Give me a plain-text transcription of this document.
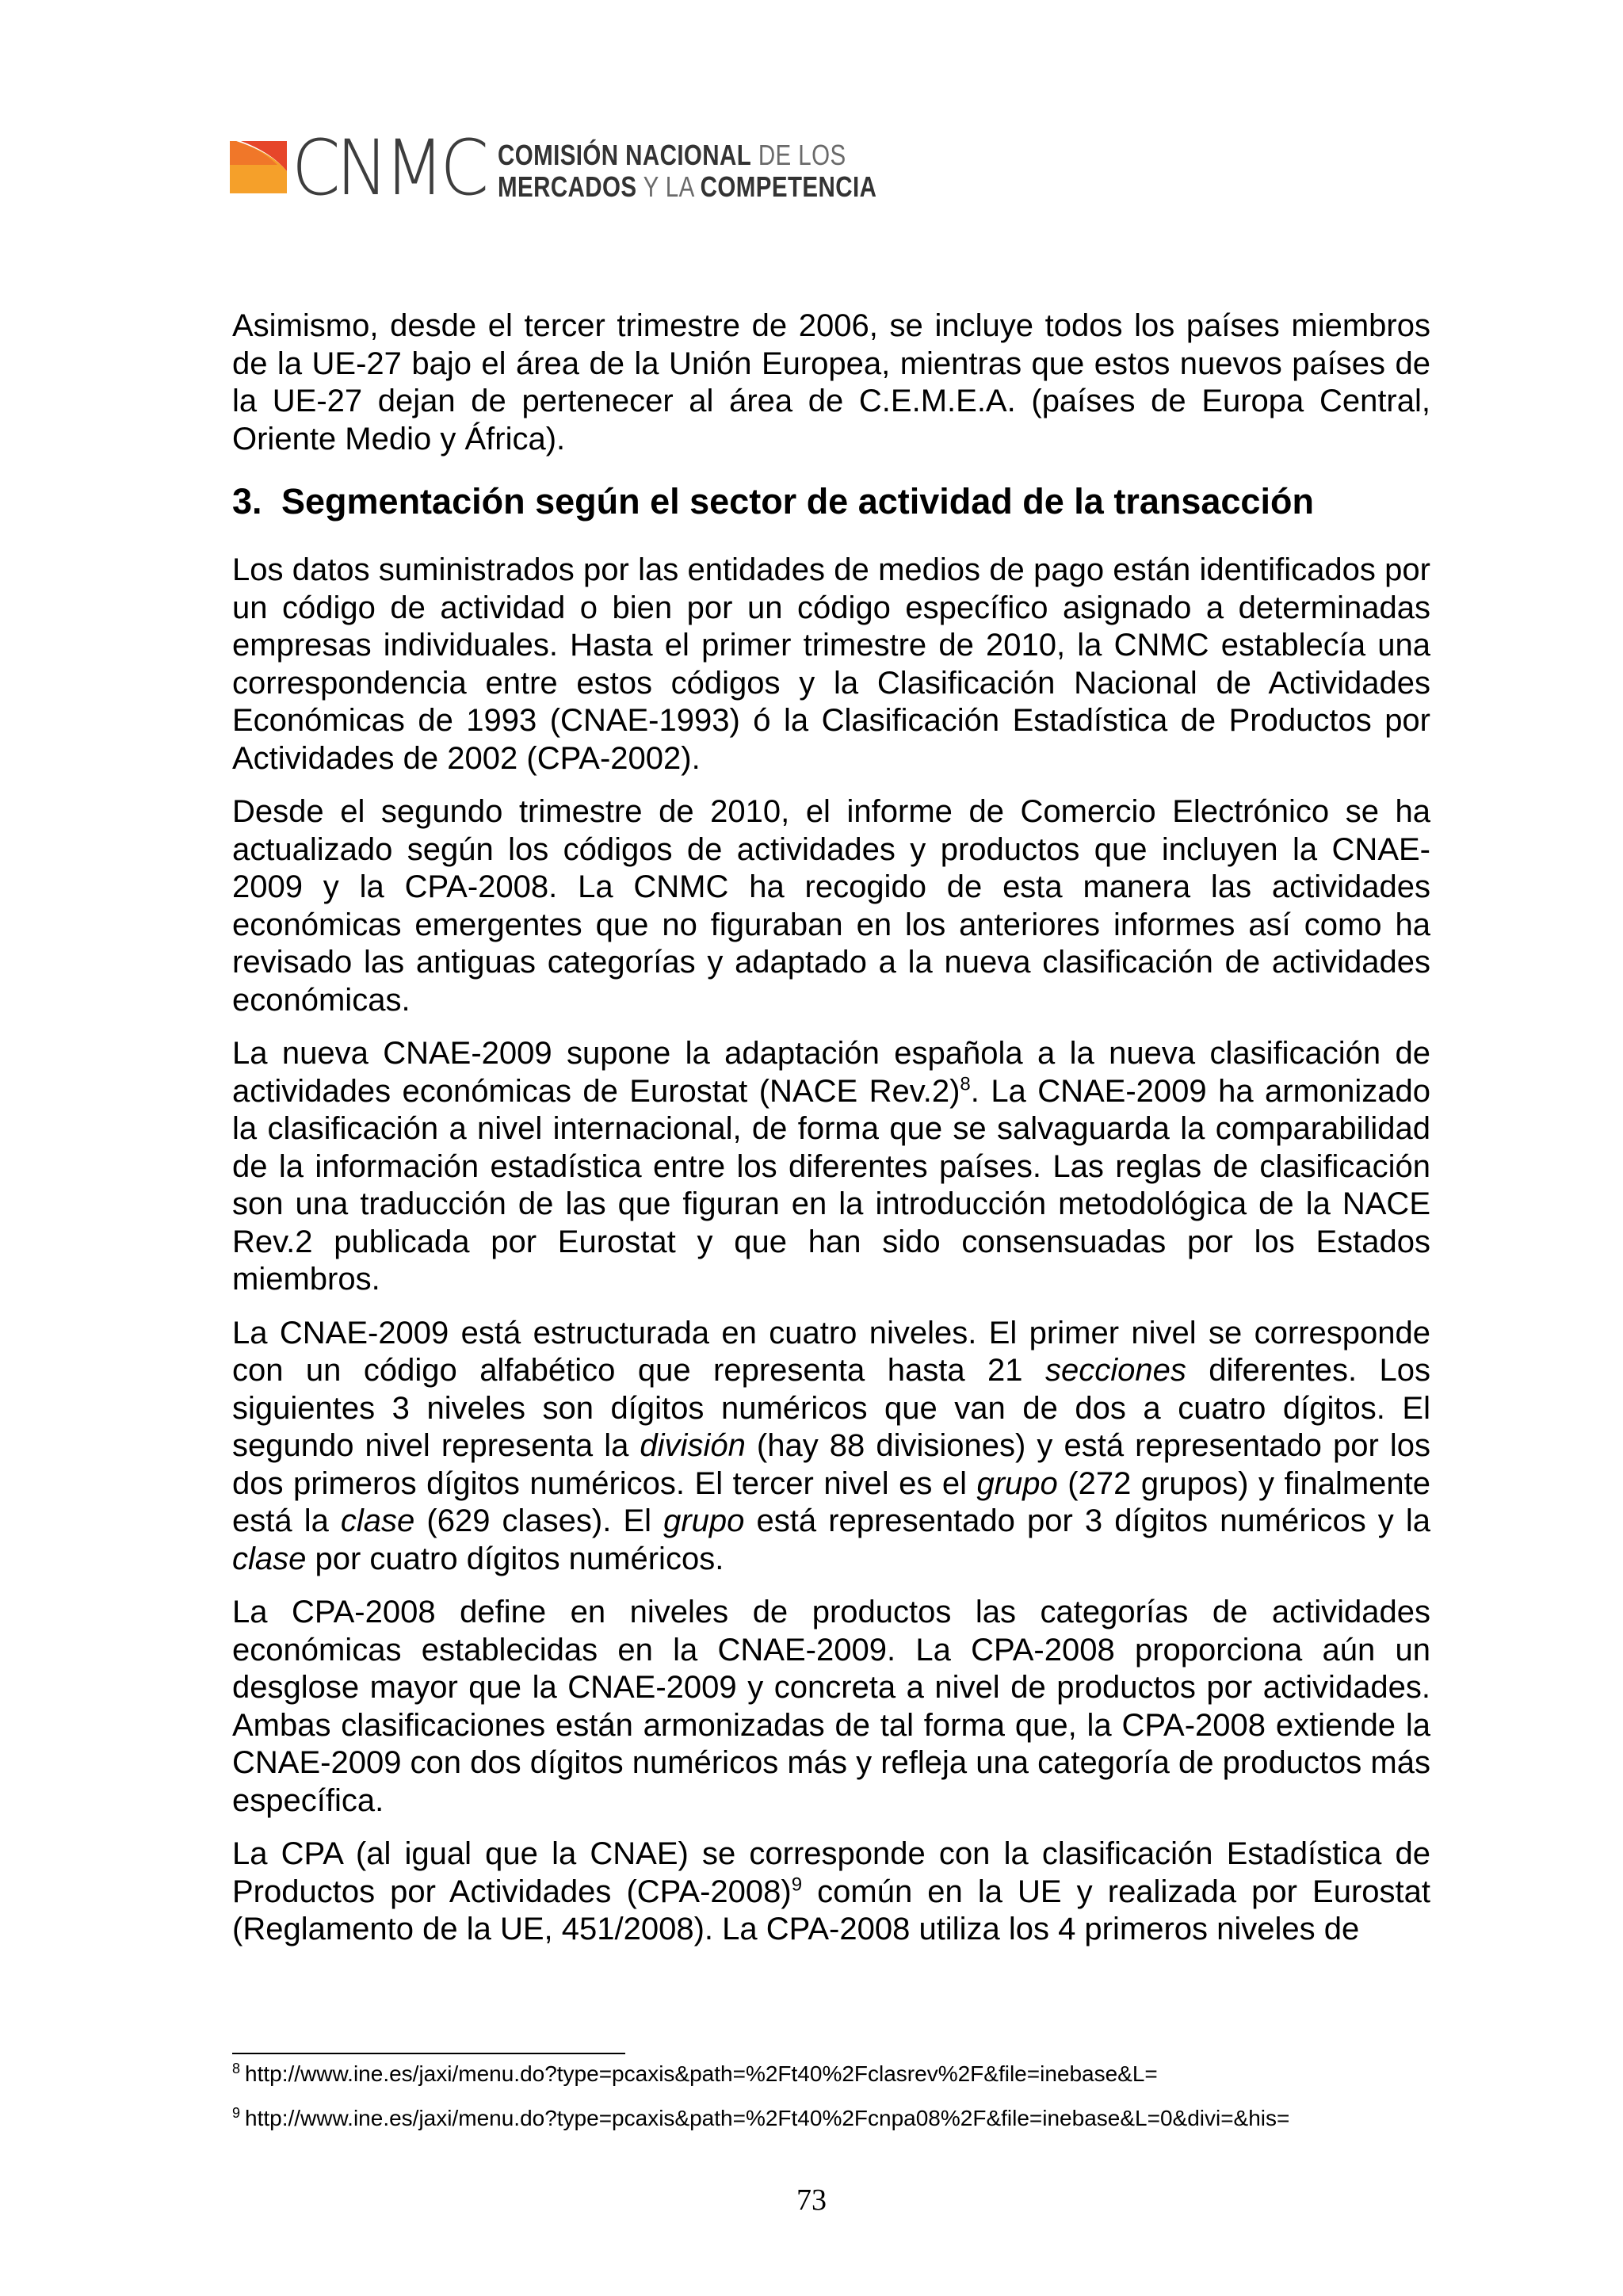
CNMC COMISIÓN NACIONAL DE LOS
MERCADOS Y LA COMPETENCIA

Asimismo, desde el tercer trimestre de 2006, se incluye todos los países miembros de la UE-27 bajo el área de la Unión Europea, mientras que estos nuevos países de la UE-27 dejan de pertenecer al área de C.E.M.E.A. (países de Europa Central, Oriente Medio y África).

3. Segmentación según el sector de actividad de la transacción

Los datos suministrados por las entidades de medios de pago están identificados por un código de actividad o bien por un código específico asignado a determinadas empresas individuales. Hasta el primer trimestre de 2010, la CNMC establecía una correspondencia entre estos códigos y la Clasificación Nacional de Actividades Económicas de 1993 (CNAE-1993) ó la Clasificación Estadística de Productos por Actividades de 2002 (CPA-2002).

Desde el segundo trimestre de 2010, el informe de Comercio Electrónico se ha actualizado según los códigos de actividades y productos que incluyen la CNAE-2009 y la CPA-2008. La CNMC ha recogido de esta manera las actividades económicas emergentes que no figuraban en los anteriores informes así como ha revisado las antiguas categorías y adaptado a la nueva clasificación de actividades económicas.

La nueva CNAE-2009 supone la adaptación española a la nueva clasificación de actividades económicas de Eurostat (NACE Rev.2)$^8$. La CNAE-2009 ha armonizado la clasificación a nivel internacional, de forma que se salvaguarda la comparabilidad de la información estadística entre los diferentes países. Las reglas de clasificación son una traducción de las que figuran en la introducción metodológica de la NACE Rev.2 publicada por Eurostat y que han sido consensuadas por los Estados miembros.

La CNAE-2009 está estructurada en cuatro niveles. El primer nivel se corresponde con un código alfabético que representa hasta 21 secciones diferentes. Los siguientes 3 niveles son dígitos numéricos que van de dos a cuatro dígitos. El segundo nivel representa la división (hay 88 divisiones) y está representado por los dos primeros dígitos numéricos. El tercer nivel es el grupo (272 grupos) y finalmente está la clase (629 clases). El grupo está representado por 3 dígitos numéricos y la clase por cuatro dígitos numéricos.

La CPA-2008 define en niveles de productos las categorías de actividades económicas establecidas en la CNAE-2009. La CPA-2008 proporciona aún un desglose mayor que la CNAE-2009 y concreta a nivel de productos por actividades. Ambas clasificaciones están armonizadas de tal forma que, la CPA-2008 extiende la CNAE-2009 con dos dígitos numéricos más y refleja una categoría de productos más específica.

La CPA (al igual que la CNAE) se corresponde con la clasificación Estadística de Productos por Actividades $(CPA-2008)^9$ común en la UE y realizada por Eurostat (Reglamento de la UE, 451/2008). La CPA-2008 utiliza los 4 primeros niveles de

$^8$ http://www.ine.es/jaxi/menu.do?type=pcaxis&path=%2Ft40%2Fclasrev%2F&file=inebase&L=

$^9$ http://www.ine.es/jaxi/menu.do?type=pcaxis&path=%2Ft40%2Fcnpa08%2F&file=inebase&L=0&divi=&his=

73
